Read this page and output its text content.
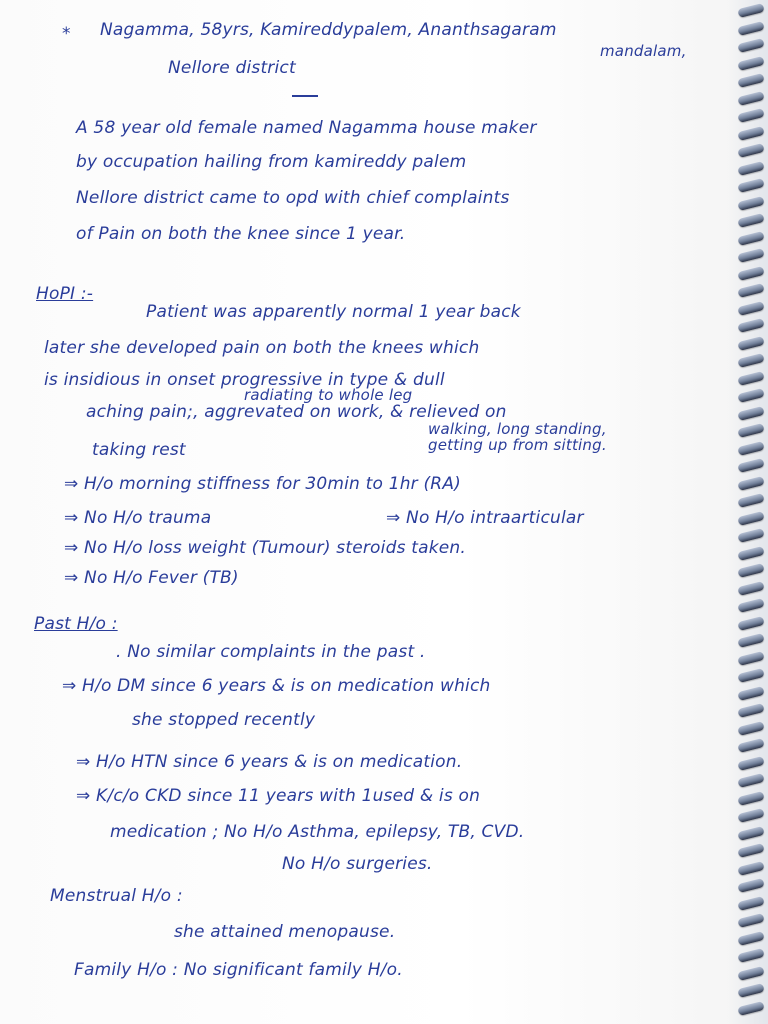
* Nagamma, 58yrs, Kamireddypalem, Ananthsagaram
mandalam,
Nellore district
A 58 year old female named Nagamma house maker
by occupation hailing from kamireddy palem
Nellore district came to opd with chief complaints
of Pain on both the knee since 1 year.
HoPI :-
Patient was apparently normal 1 year back
later she developed pain on both the knees which
is insidious in onset progressive in type & dull
radiating to whole leg
aching pain;, aggrevated on work, & relieved on
walking, long standing,
taking rest	getting up from sitting.
⇒ H/o morning stiffness for 30min to 1hr (RA)
⇒ No H/o trauma	⇒ No H/o intraarticular
⇒ No H/o loss weight (Tumour) steroids taken.
⇒ No H/o Fever (TB)
Past H/o :
. No similar complaints in the past .
⇒ H/o DM since 6 years & is on medication which
she stopped recently
⇒ H/o HTN since 6 years & is on medication.
⇒ K/c/o CKD since 11 years with 1used & is on
medication ; No H/o Asthma, epilepsy, TB, CVD.
No H/o surgeries.
Menstrual H/o :
she attained menopause.
Family H/o : No significant family H/o.
